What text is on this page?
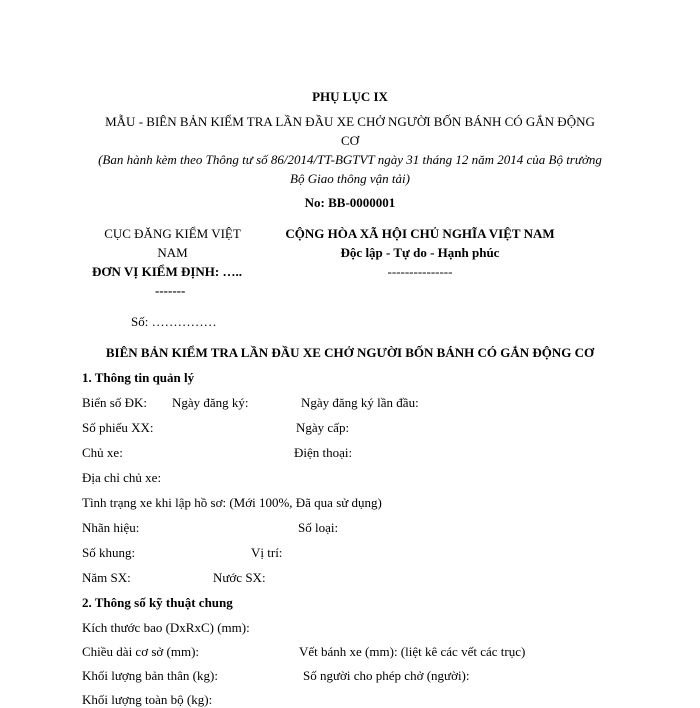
PHỤ LỤC IX
MẪU - BIÊN BẢN KIỂM TRA LẦN ĐẦU XE CHỞ NGƯỜI BỐN BÁNH CÓ GẮN ĐỘNG
CƠ
(Ban hành kèm theo Thông tư số 86/2014/TT-BGTVT ngày 31 tháng 12 năm 2014 của Bộ trưởng
Bộ Giao thông vận tải)
No: BB-0000001
CỤC ĐĂNG KIỂM VIỆT
NAM
ĐƠN VỊ KIỂM ĐỊNH: …..
-------
Số: ……………
CỘNG HÒA XÃ HỘI CHỦ NGHĨA VIỆT NAM
Độc lập - Tự do - Hạnh phúc
---------------
BIÊN BẢN KIỂM TRA LẦN ĐẦU XE CHỞ NGƯỜI BỐN BÁNH CÓ GẮN ĐỘNG CƠ
1. Thông tin quản lý
Biển số ĐK: Ngày đăng ký:	Ngày đăng ký lần đầu:
Số phiếu XX:	Ngày cấp:
Chủ xe:	Điện thoại:
Địa chỉ chủ xe:
Tình trạng xe khi lập hồ sơ: (Mới 100%, Đã qua sử dụng)
Nhãn hiệu:	Số loại:
Số khung:	Vị trí:
Năm SX:	Nước SX:
2. Thông số kỹ thuật chung
Kích thước bao (DxRxC) (mm):
Chiều dài cơ sở (mm):	Vết bánh xe (mm): (liệt kê các vết các trục)
Khối lượng bản thân (kg):	Số người cho phép chở (người):
Khối lượng toàn bộ (kg):
